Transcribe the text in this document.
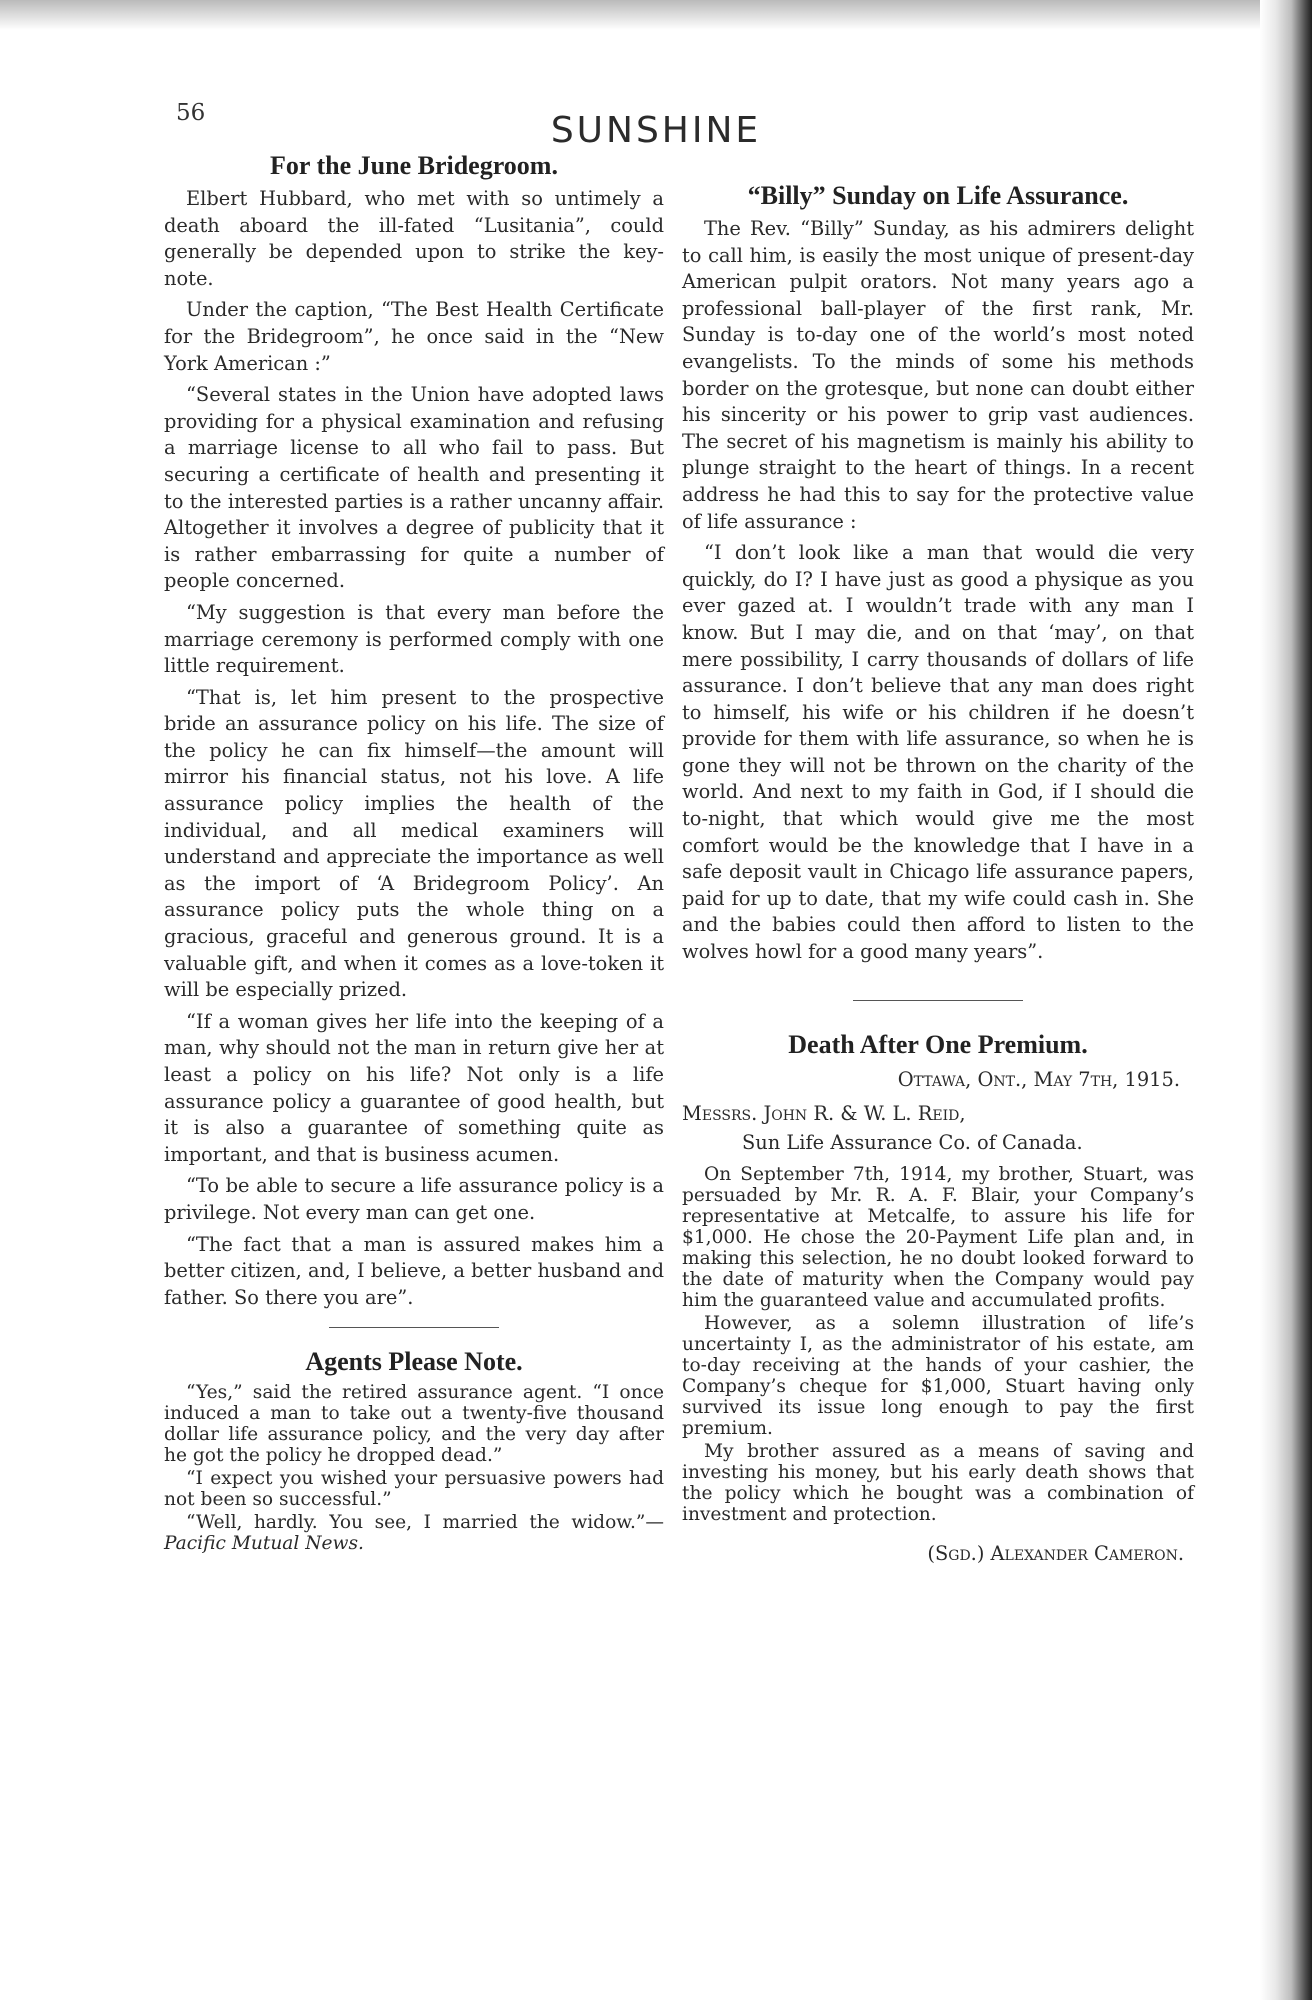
56	SUNSHINE
For the June Bridegroom.

Elbert Hubbard, who met with so untimely a death aboard the ill-fated “Lusitania”, could generally be depended upon to strike the key-note.

Under the caption, “The Best Health Certificate for the Bridegroom”, he once said in the “New York American :”

“Several states in the Union have adopted laws providing for a physical examination and refusing a marriage license to all who fail to pass. But securing a certificate of health and presenting it to the interested parties is a rather uncanny affair. Altogether it involves a degree of publicity that it is rather embarrassing for quite a number of people concerned.

“My suggestion is that every man before the marriage ceremony is performed comply with one little requirement.

“That is, let him present to the prospective bride an assurance policy on his life. The size of the policy he can fix himself—the amount will mirror his financial status, not his love. A life assurance policy implies the health of the individual, and all medical examiners will understand and appreciate the importance as well as the import of ‘A Bridegroom Policy’. An assurance policy puts the whole thing on a gracious, graceful and generous ground. It is a valuable gift, and when it comes as a love-token it will be especially prized.

“If a woman gives her life into the keeping of a man, why should not the man in return give her at least a policy on his life? Not only is a life assurance policy a guarantee of good health, but it is also a guarantee of something quite as important, and that is business acumen.

“To be able to secure a life assurance policy is a privilege. Not every man can get one.

“The fact that a man is assured makes him a better citizen, and, I believe, a better husband and father. So there you are”.

Agents Please Note.

“Yes,” said the retired assurance agent. “I once induced a man to take out a twenty-five thousand dollar life assurance policy, and the very day after he got the policy he dropped dead.”

“I expect you wished your persuasive powers had not been so successful.”

“Well, hardly. You see, I married the widow.”—Pacific Mutual News.

“Billy” Sunday on Life Assurance.

The Rev. “Billy” Sunday, as his admirers delight to call him, is easily the most unique of present-day American pulpit orators. Not many years ago a professional ball-player of the first rank, Mr. Sunday is to-day one of the world’s most noted evangelists. To the minds of some his methods border on the grotesque, but none can doubt either his sincerity or his power to grip vast audiences. The secret of his magnetism is mainly his ability to plunge straight to the heart of things. In a recent address he had this to say for the protective value of life assurance :

“I don’t look like a man that would die very quickly, do I? I have just as good a physique as you ever gazed at. I wouldn’t trade with any man I know. But I may die, and on that ‘may’, on that mere possibility, I carry thousands of dollars of life assurance. I don’t believe that any man does right to himself, his wife or his children if he doesn’t provide for them with life assurance, so when he is gone they will not be thrown on the charity of the world. And next to my faith in God, if I should die to-night, that which would give me the most comfort would be the knowledge that I have in a safe deposit vault in Chicago life assurance papers, paid for up to date, that my wife could cash in. She and the babies could then afford to listen to the wolves howl for a good many years”.

Death After One Premium.

Ottawa, Ont., May 7th, 1915.

Messrs. John R. & W. L. Reid,

Sun Life Assurance Co. of Canada.

On September 7th, 1914, my brother, Stuart, was persuaded by Mr. R. A. F. Blair, your Company’s representative at Metcalfe, to assure his life for $1,000. He chose the 20-Payment Life plan and, in making this selection, he no doubt looked forward to the date of maturity when the Company would pay him the guaranteed value and accumulated profits.

However, as a solemn illustration of life’s uncertainty I, as the administrator of his estate, am to-day receiving at the hands of your cashier, the Company’s cheque for $1,000, Stuart having only survived its issue long enough to pay the first premium.

My brother assured as a means of saving and investing his money, but his early death shows that the policy which he bought was a combination of investment and protection.

(Sgd.) Alexander Cameron.
